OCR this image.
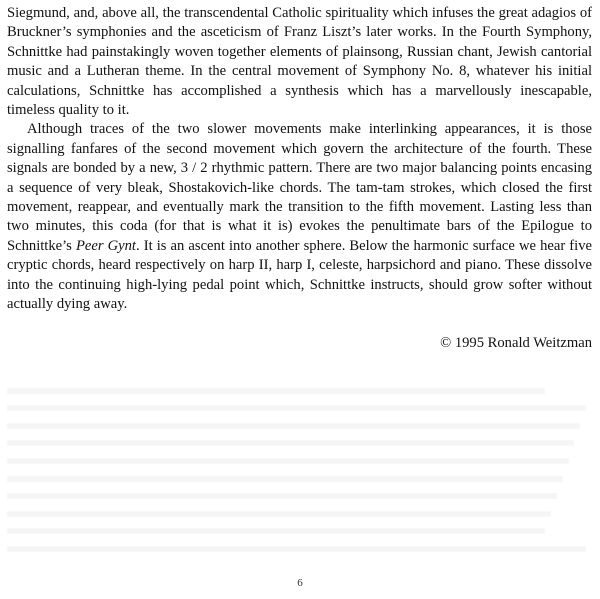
Siegmund, and, above all, the transcendental Catholic spirituality which infuses the great adagios of Bruckner’s symphonies and the asceticism of Franz Liszt’s later works. In the Fourth Symphony, Schnittke had painstakingly woven together elements of plainsong, Russian chant, Jewish cantorial music and a Lutheran theme. In the central movement of Symphony No. 8, whatever his initial calculations, Schnittke has accomplished a synthesis which has a marvellously inescapable, timeless quality to it.

Although traces of the two slower movements make interlinking appearances, it is those signalling fanfares of the second movement which govern the architecture of the fourth. These signals are bonded by a new, 3 / 2 rhythmic pattern. There are two major balancing points encasing a sequence of very bleak, Shostakovich-like chords. The tam-tam strokes, which closed the first movement, reappear, and eventually mark the transition to the fifth movement. Lasting less than two minutes, this coda (for that is what it is) evokes the penultimate bars of the Epilogue to Schnittke’s Peer Gynt. It is an ascent into another sphere. Below the harmonic surface we hear five cryptic chords, heard respectively on harp II, harp I, celeste, harpsichord and piano. These dissolve into the continuing high-lying pedal point which, Schnittke instructs, should grow softer without actually dying away.

© 1995 Ronald Weitzman
6
